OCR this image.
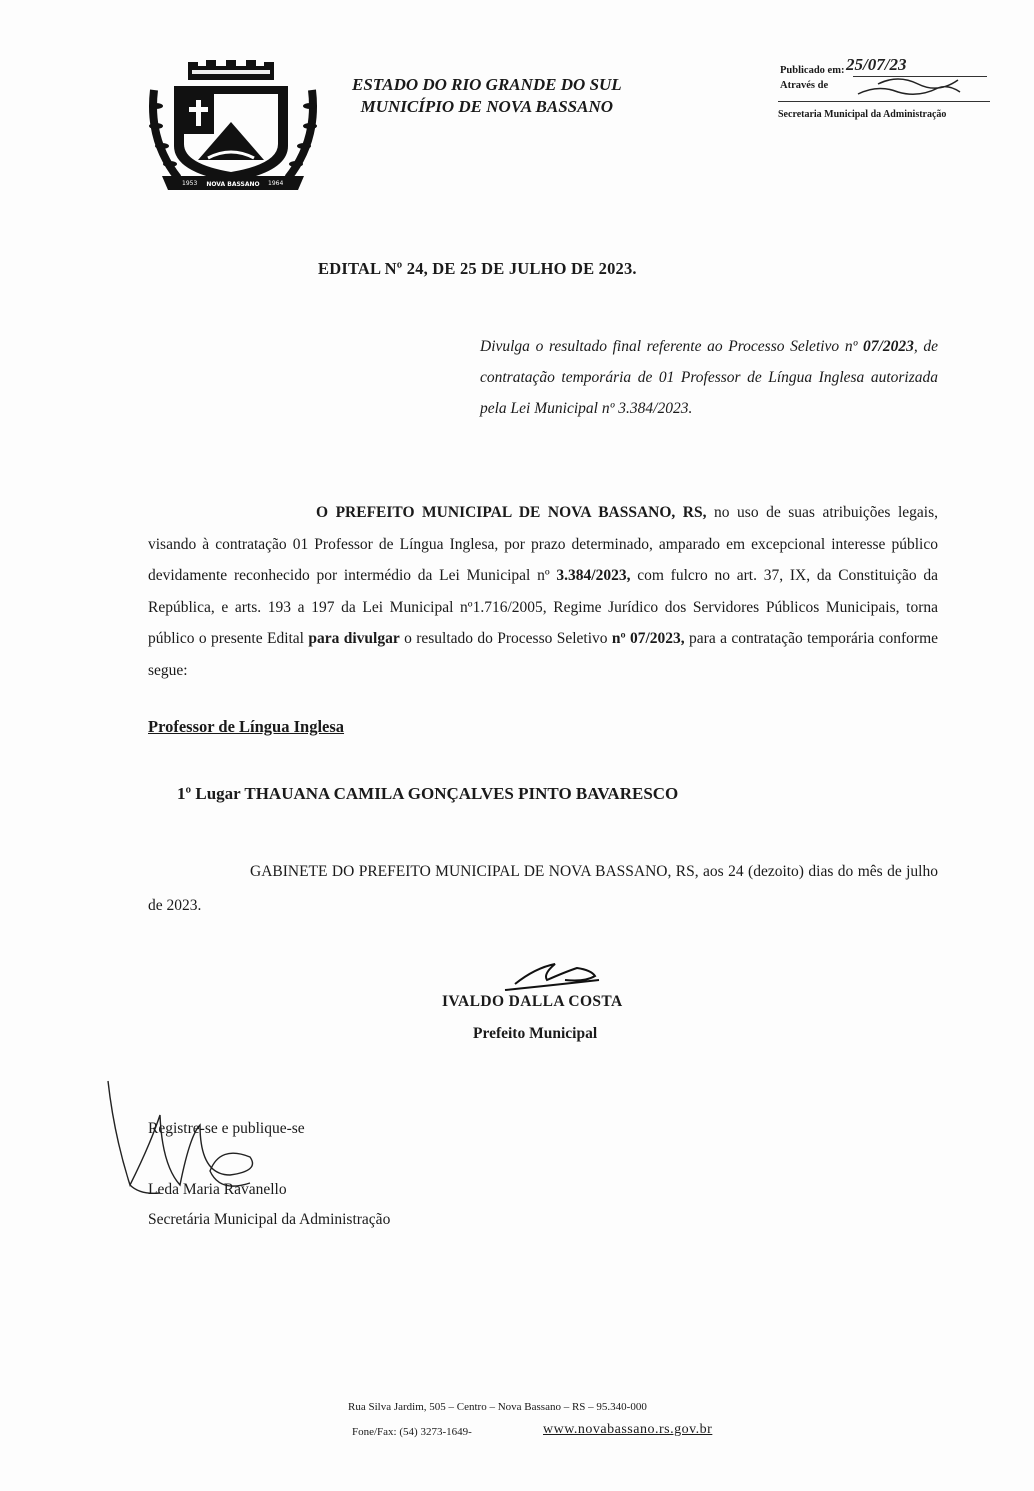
1953 NOVA BASSANO 1964
ESTADO DO RIO GRANDE DO SUL
MUNICÍPIO DE NOVA BASSANO
Publicado em: 25/07/23
Através de
Secretaria Municipal da Administração
EDITAL Nº 24, DE 25 DE JULHO DE 2023.
Divulga o resultado final referente ao Processo Seletivo nº 07/2023, de contratação temporária de 01 Professor de Língua Inglesa autorizada pela Lei Municipal nº 3.384/2023.
O PREFEITO MUNICIPAL DE NOVA BASSANO, RS, no uso de suas atribuições legais, visando à contratação 01 Professor de Língua Inglesa, por prazo determinado, amparado em excepcional interesse público devidamente reconhecido por intermédio da Lei Municipal nº 3.384/2023, com fulcro no art. 37, IX, da Constituição da República, e arts. 193 a 197 da Lei Municipal nº1.716/2005, Regime Jurídico dos Servidores Públicos Municipais, torna público o presente Edital para divulgar o resultado do Processo Seletivo nº 07/2023, para a contratação temporária conforme segue:
Professor de Língua Inglesa
1º Lugar THAUANA CAMILA GONÇALVES PINTO BAVARESCO
GABINETE DO PREFEITO MUNICIPAL DE NOVA BASSANO, RS, aos 24 (dezoito) dias do mês de julho de 2023.
IVALDO DALLA COSTA
Prefeito Municipal
Registre-se e publique-se
Leda Maria Ravanello
Secretária Municipal da Administração
Rua Silva Jardim, 505 – Centro – Nova Bassano – RS – 95.340-000
Fone/Fax: (54) 3273-1649-	www.novabassano.rs.gov.br
